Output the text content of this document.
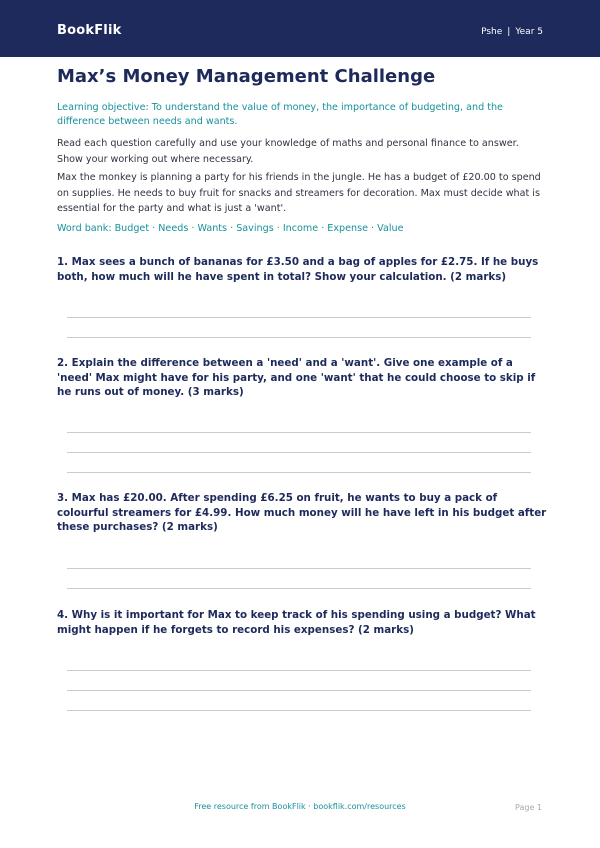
BookFlik	Pshe | Year 5
Max’s Money Management Challenge
Learning objective: To understand the value of money, the importance of budgeting, and the difference between needs and wants.
Read each question carefully and use your knowledge of maths and personal finance to answer. Show your working out where necessary.
Max the monkey is planning a party for his friends in the jungle. He has a budget of £20.00 to spend on supplies. He needs to buy fruit for snacks and streamers for decoration. Max must decide what is essential for the party and what is just a 'want'.
Word bank: Budget · Needs · Wants · Savings · Income · Expense · Value
1. Max sees a bunch of bananas for £3.50 and a bag of apples for £2.75. If he buys both, how much will he have spent in total? Show your calculation. (2 marks)
2. Explain the difference between a 'need' and a 'want'. Give one example of a 'need' Max might have for his party, and one 'want' that he could choose to skip if he runs out of money. (3 marks)
3. Max has £20.00. After spending £6.25 on fruit, he wants to buy a pack of colourful streamers for £4.99. How much money will he have left in his budget after these purchases? (2 marks)
4. Why is it important for Max to keep track of his spending using a budget? What might happen if he forgets to record his expenses? (2 marks)
Free resource from BookFlik · bookflik.com/resources	Page 1
